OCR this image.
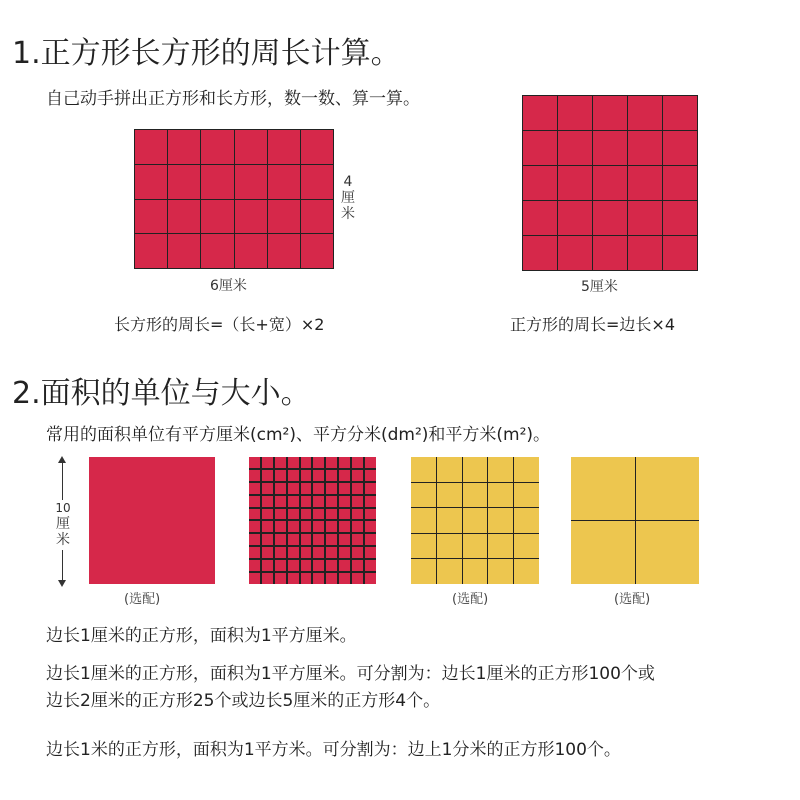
1.正方形长方形的周长计算。
自己动手拼出正方形和长方形，数一数、算一算。
4
厘
米
6厘米
长方形的周长=（长+宽）×2
5厘米
正方形的周长=边长×4
2.面积的单位与大小。
常用的面积单位有平方厘米(cm²)、平方分米(dm²)和平方米(m²)。
10
厘
米
(选配)	(选配)	(选配)
边长1厘米的正方形，面积为1平方厘米。
边长1厘米的正方形，面积为1平方厘米。可分割为：边长1厘米的正方形100个或
边长2厘米的正方形25个或边长5厘米的正方形4个。
边长1米的正方形，面积为1平方米。可分割为：边上1分米的正方形100个。
